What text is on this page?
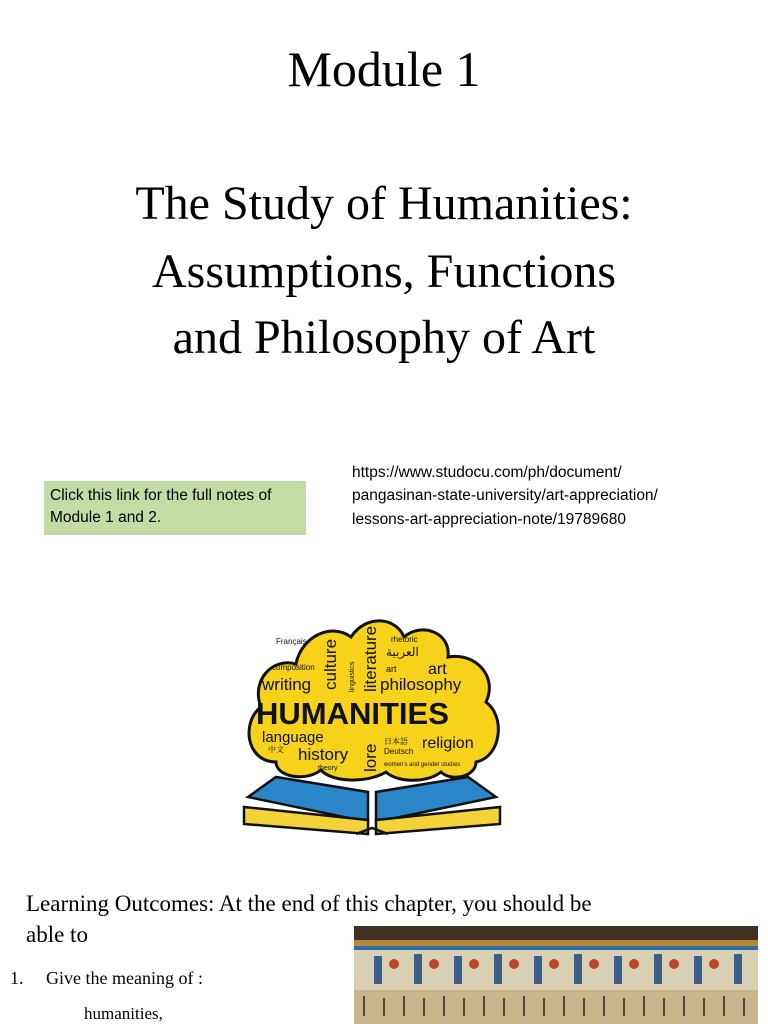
Module 1
The Study of Humanities:
Assumptions, Functions
and Philosophy of Art
Click this link for the full notes of
Module 1 and 2.
https://www.studocu.com/ph/document/
pangasinan-state-university/art-appreciation/
lessons-art-appreciation-note/19789680
Français
composition
writing culture linguistics literature rhetoric
العربية
art art
philosophy
HUMANITIES
language
中文 history
theory lore
日本語
Deutsch religion
women's and gender studies
Learning Outcomes: At the end of this chapter, you should be
able to
1. Give the meaning of :
humanities,
